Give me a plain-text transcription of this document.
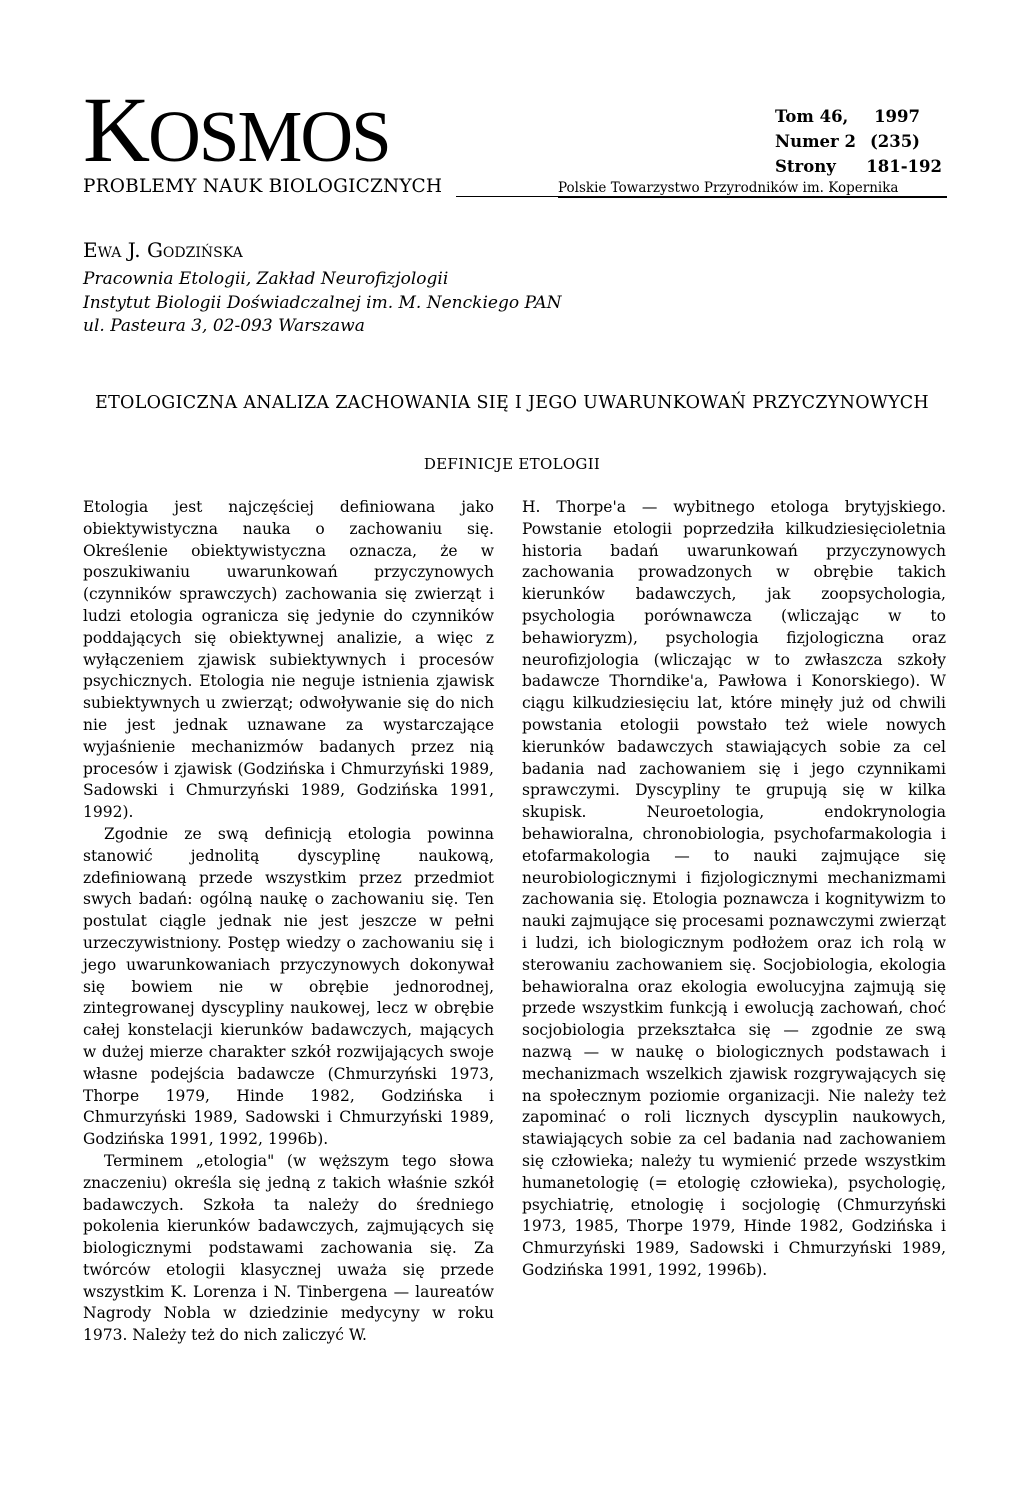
KOSMOS
PROBLEMY NAUK BIOLOGICZNYCH
Tom 46,	1997
Numer 2 (235)
Strony	181-192
Polskie Towarzystwo Przyrodników im. Kopernika
Ewa J. Godzińska
Pracownia Etologii, Zakład Neurofizjologii
Instytut Biologii Doświadczalnej im. M. Nenckiego PAN
ul. Pasteura 3, 02-093 Warszawa
ETOLOGICZNA ANALIZA ZACHOWANIA SIĘ I JEGO UWARUNKOWAŃ PRZYCZYNOWYCH
DEFINICJE ETOLOGII

Etologia jest najczęściej definiowana jako obiektywistyczna nauka o zachowaniu się. Określenie obiektywistyczna oznacza, że w poszukiwaniu uwarunkowań przyczynowych (czynników sprawczych) zachowania się zwierząt i ludzi etologia ogranicza się jedynie do czynników poddających się obiektywnej analizie, a więc z wyłączeniem zjawisk subiektywnych i procesów psychicznych. Etologia nie neguje istnienia zjawisk subiektywnych u zwierząt; odwoływanie się do nich nie jest jednak uznawane za wystarczające wyjaśnienie mechanizmów badanych przez nią procesów i zjawisk (Godzińska i Chmurzyński 1989, Sadowski i Chmurzyński 1989, Godzińska 1991, 1992).

Zgodnie ze swą definicją etologia powinna stanowić jednolitą dyscyplinę naukową, zdefiniowaną przede wszystkim przez przedmiot swych badań: ogólną naukę o zachowaniu się. Ten postulat ciągle jednak nie jest jeszcze w pełni urzeczywistniony. Postęp wiedzy o zachowaniu się i jego uwarunkowaniach przyczynowych dokonywał się bowiem nie w obrębie jednorodnej, zintegrowanej dyscypliny naukowej, lecz w obrębie całej konstelacji kierunków badawczych, mających w dużej mierze charakter szkół rozwijających swoje własne podejścia badawcze (Chmurzyński 1973, Thorpe 1979, Hinde 1982, Godzińska i Chmurzyński 1989, Sadowski i Chmurzyński 1989, Godzińska 1991, 1992, 1996b).

Terminem „etologia" (w węższym tego słowa znaczeniu) określa się jedną z takich właśnie szkół badawczych. Szkoła ta należy do średniego pokolenia kierunków badawczych, zajmujących się biologicznymi podstawami zachowania się. Za twórców etologii klasycznej uważa się przede wszystkim K. Lorenza i N. Tinbergena — laureatów Nagrody Nobla w dziedzinie medycyny w roku 1973. Należy też do nich zaliczyć W.

H. Thorpe'a — wybitnego etologa brytyjskiego. Powstanie etologii poprzedziła kilkudziesięcioletnia historia badań uwarunkowań przyczynowych zachowania prowadzonych w obrębie takich kierunków badawczych, jak zoopsychologia, psychologia porównawcza (wliczając w to behawioryzm), psychologia fizjologiczna oraz neurofizjologia (wliczając w to zwłaszcza szkoły badawcze Thorndike'a, Pawłowa i Konorskiego). W ciągu kilkudziesięciu lat, które minęły już od chwili powstania etologii powstało też wiele nowych kierunków badawczych stawiających sobie za cel badania nad zachowaniem się i jego czynnikami sprawczymi. Dyscypliny te grupują się w kilka skupisk. Neuroetologia, endokrynologia behawioralna, chronobiologia, psychofarmakologia i etofarmakologia — to nauki zajmujące się neurobiologicznymi i fizjologicznymi mechanizmami zachowania się. Etologia poznawcza i kognitywizm to nauki zajmujące się procesami poznawczymi zwierząt i ludzi, ich biologicznym podłożem oraz ich rolą w sterowaniu zachowaniem się. Socjobiologia, ekologia behawioralna oraz ekologia ewolucyjna zajmują się przede wszystkim funkcją i ewolucją zachowań, choć socjobiologia przekształca się — zgodnie ze swą nazwą — w naukę o biologicznych podstawach i mechanizmach wszelkich zjawisk rozgrywających się na społecznym poziomie organizacji. Nie należy też zapominać o roli licznych dyscyplin naukowych, stawiających sobie za cel badania nad zachowaniem się człowieka; należy tu wymienić przede wszystkim humanetologię (= etologię człowieka), psychologię, psychiatrię, etnologię i socjologię (Chmurzyński 1973, 1985, Thorpe 1979, Hinde 1982, Godzińska i Chmurzyński 1989, Sadowski i Chmurzyński 1989, Godzińska 1991, 1992, 1996b).
